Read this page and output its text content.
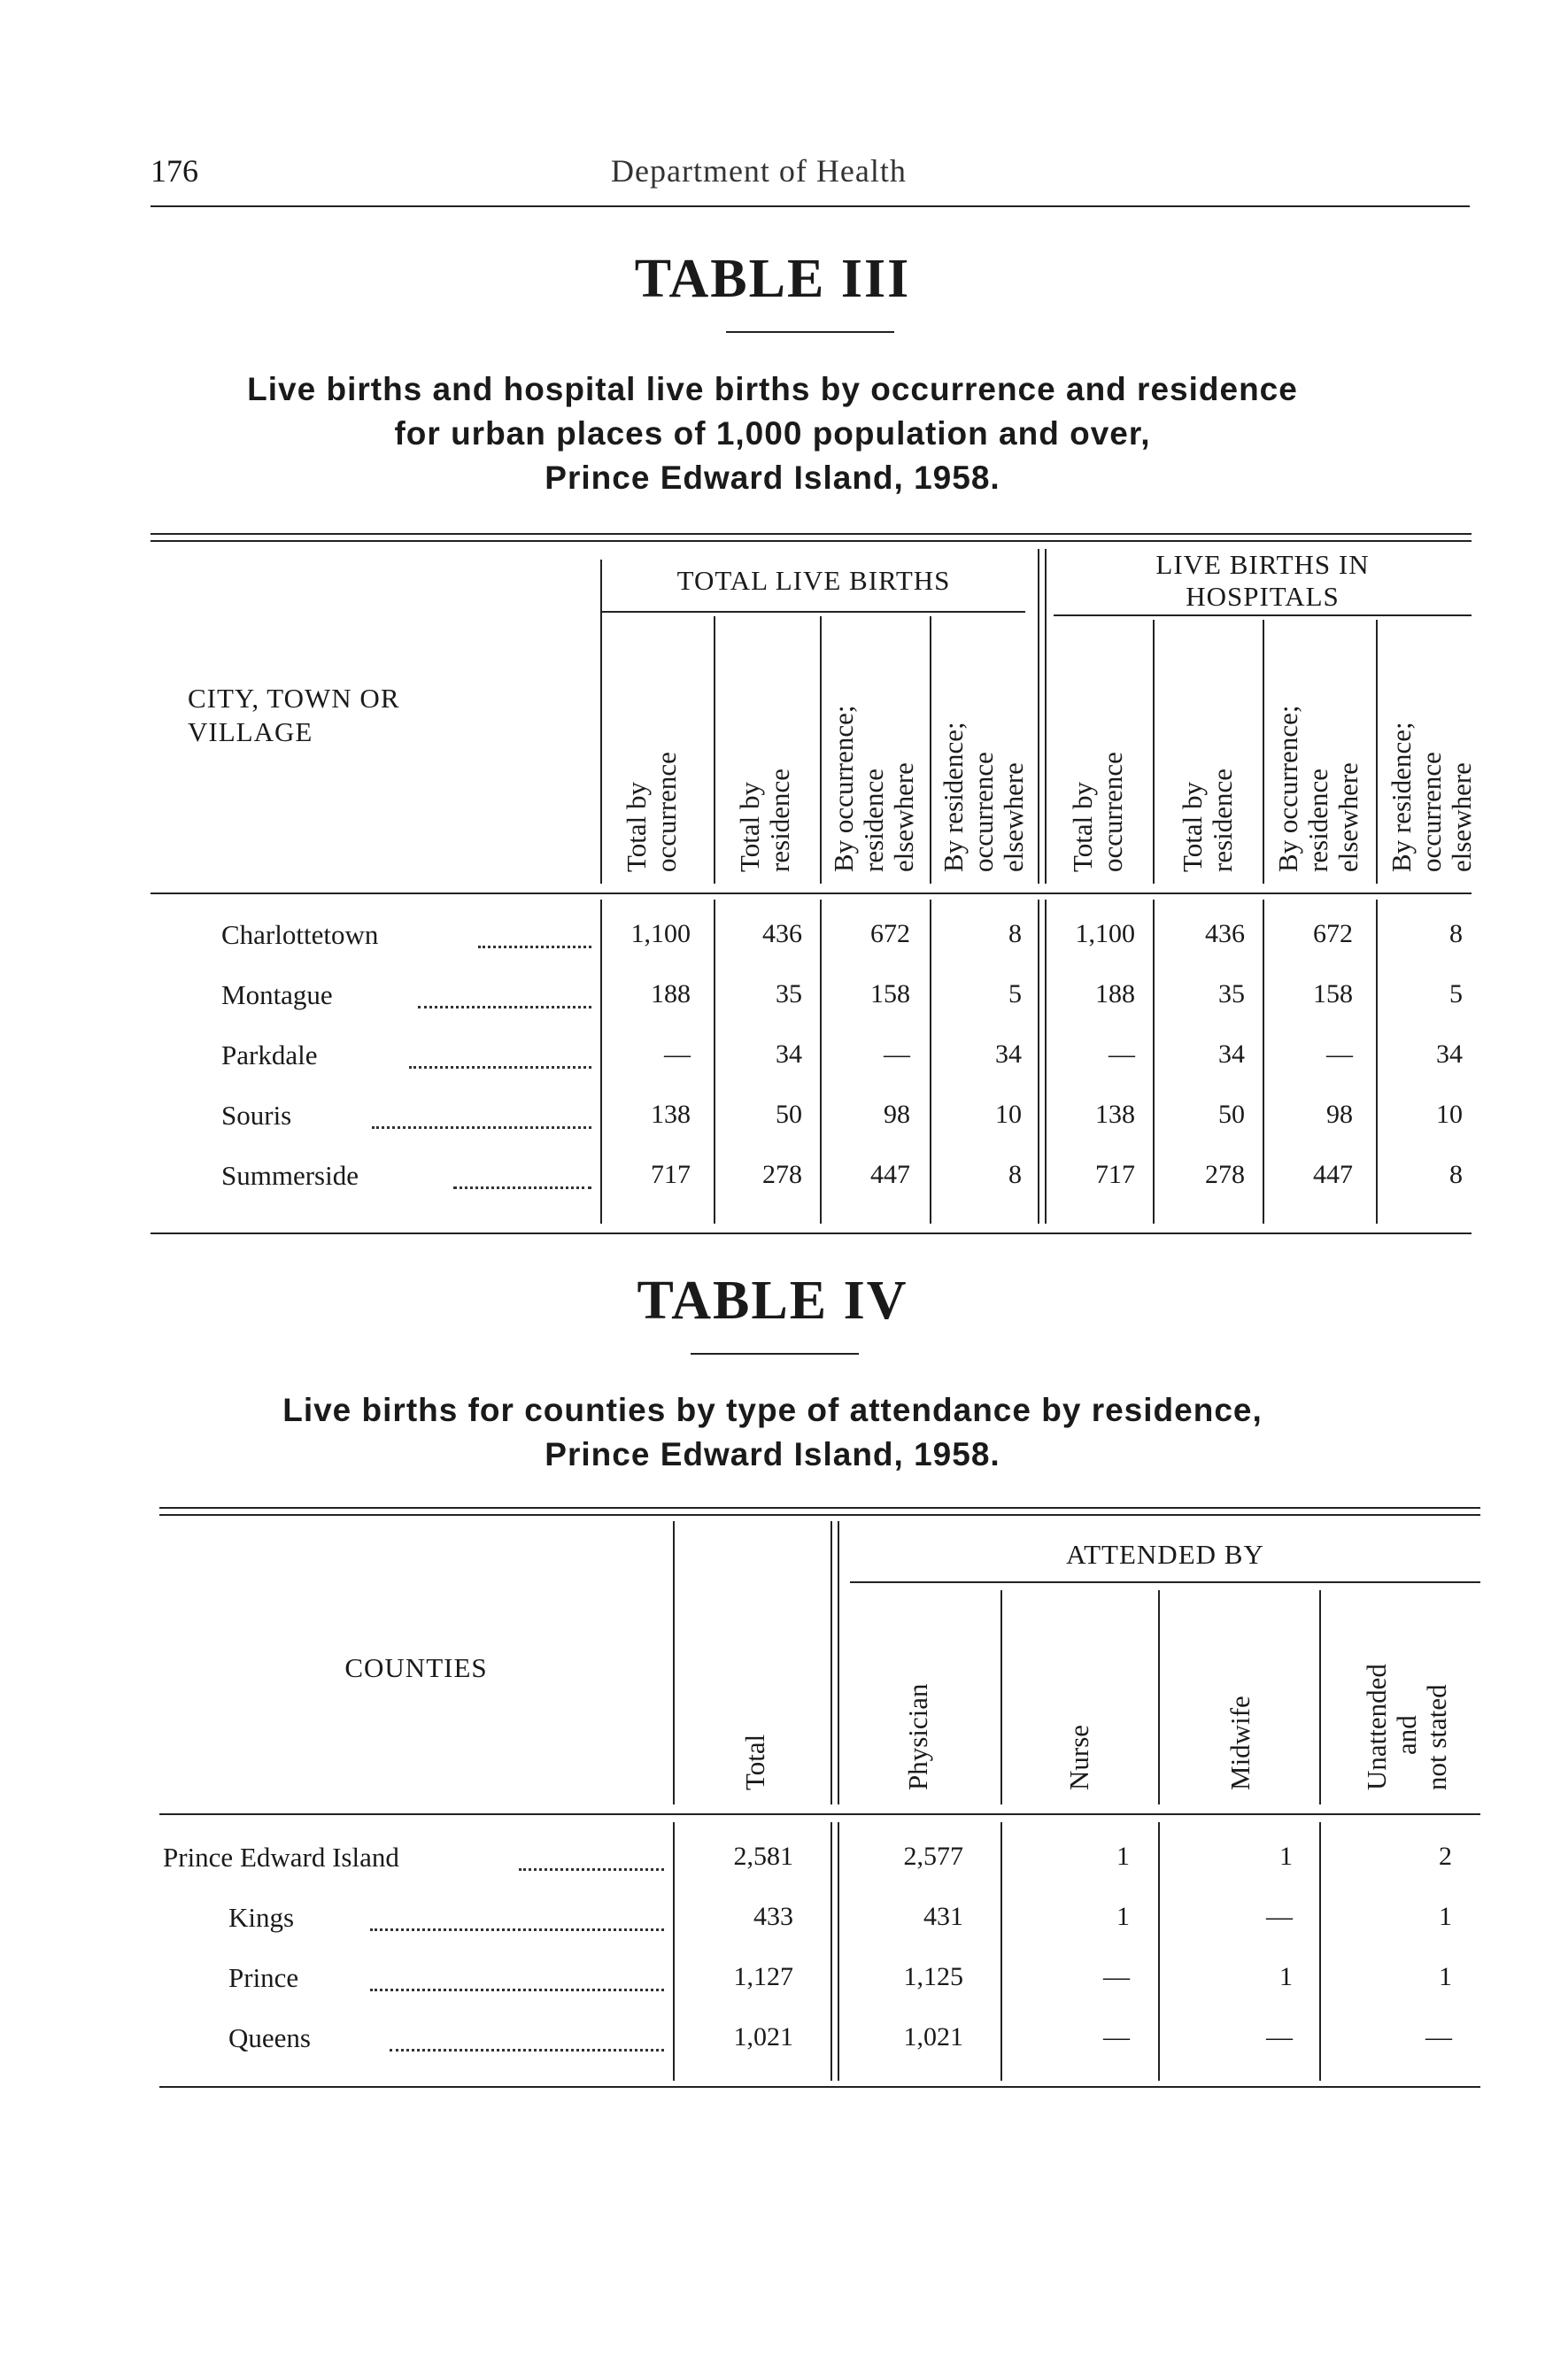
176	Department of Health
TABLE III
Live births and hospital live births by occurrence and residence
for urban places of 1,000 population and over,
Prince Edward Island, 1958.
CITY, TOWN OR
VILLAGE
TOTAL LIVE BIRTHS
LIVE BIRTHS IN
HOSPITALS
Total by occurrence Total by residence By occurrence; residence elsewhere By residence; occurrence elsewhere Total by occurrence Total by residence By occurrence; residence elsewhere By residence; occurrence elsewhere
Charlottetown	1,100	436	672	8	1,100	436	672	8
Montague	188	35	158	5	188	35	158	5
Parkdale	—	34	—	34	—	34	—	34
Souris	138	50	98	10	138	50	98	10
Summerside	717	278	447	8	717	278	447	8
TABLE IV
Live births for counties by type of attendance by residence,
Prince Edward Island, 1958.
COUNTIES
ATTENDED BY
Total	Physician	Nurse	Midwife	Unattended and not stated
Prince Edward Island	2,581	2,577	1	1	2
Kings	433	431	1	—	1
Prince	1,127	1,125	—	1	1
Queens	1,021	1,021	—	—	—
